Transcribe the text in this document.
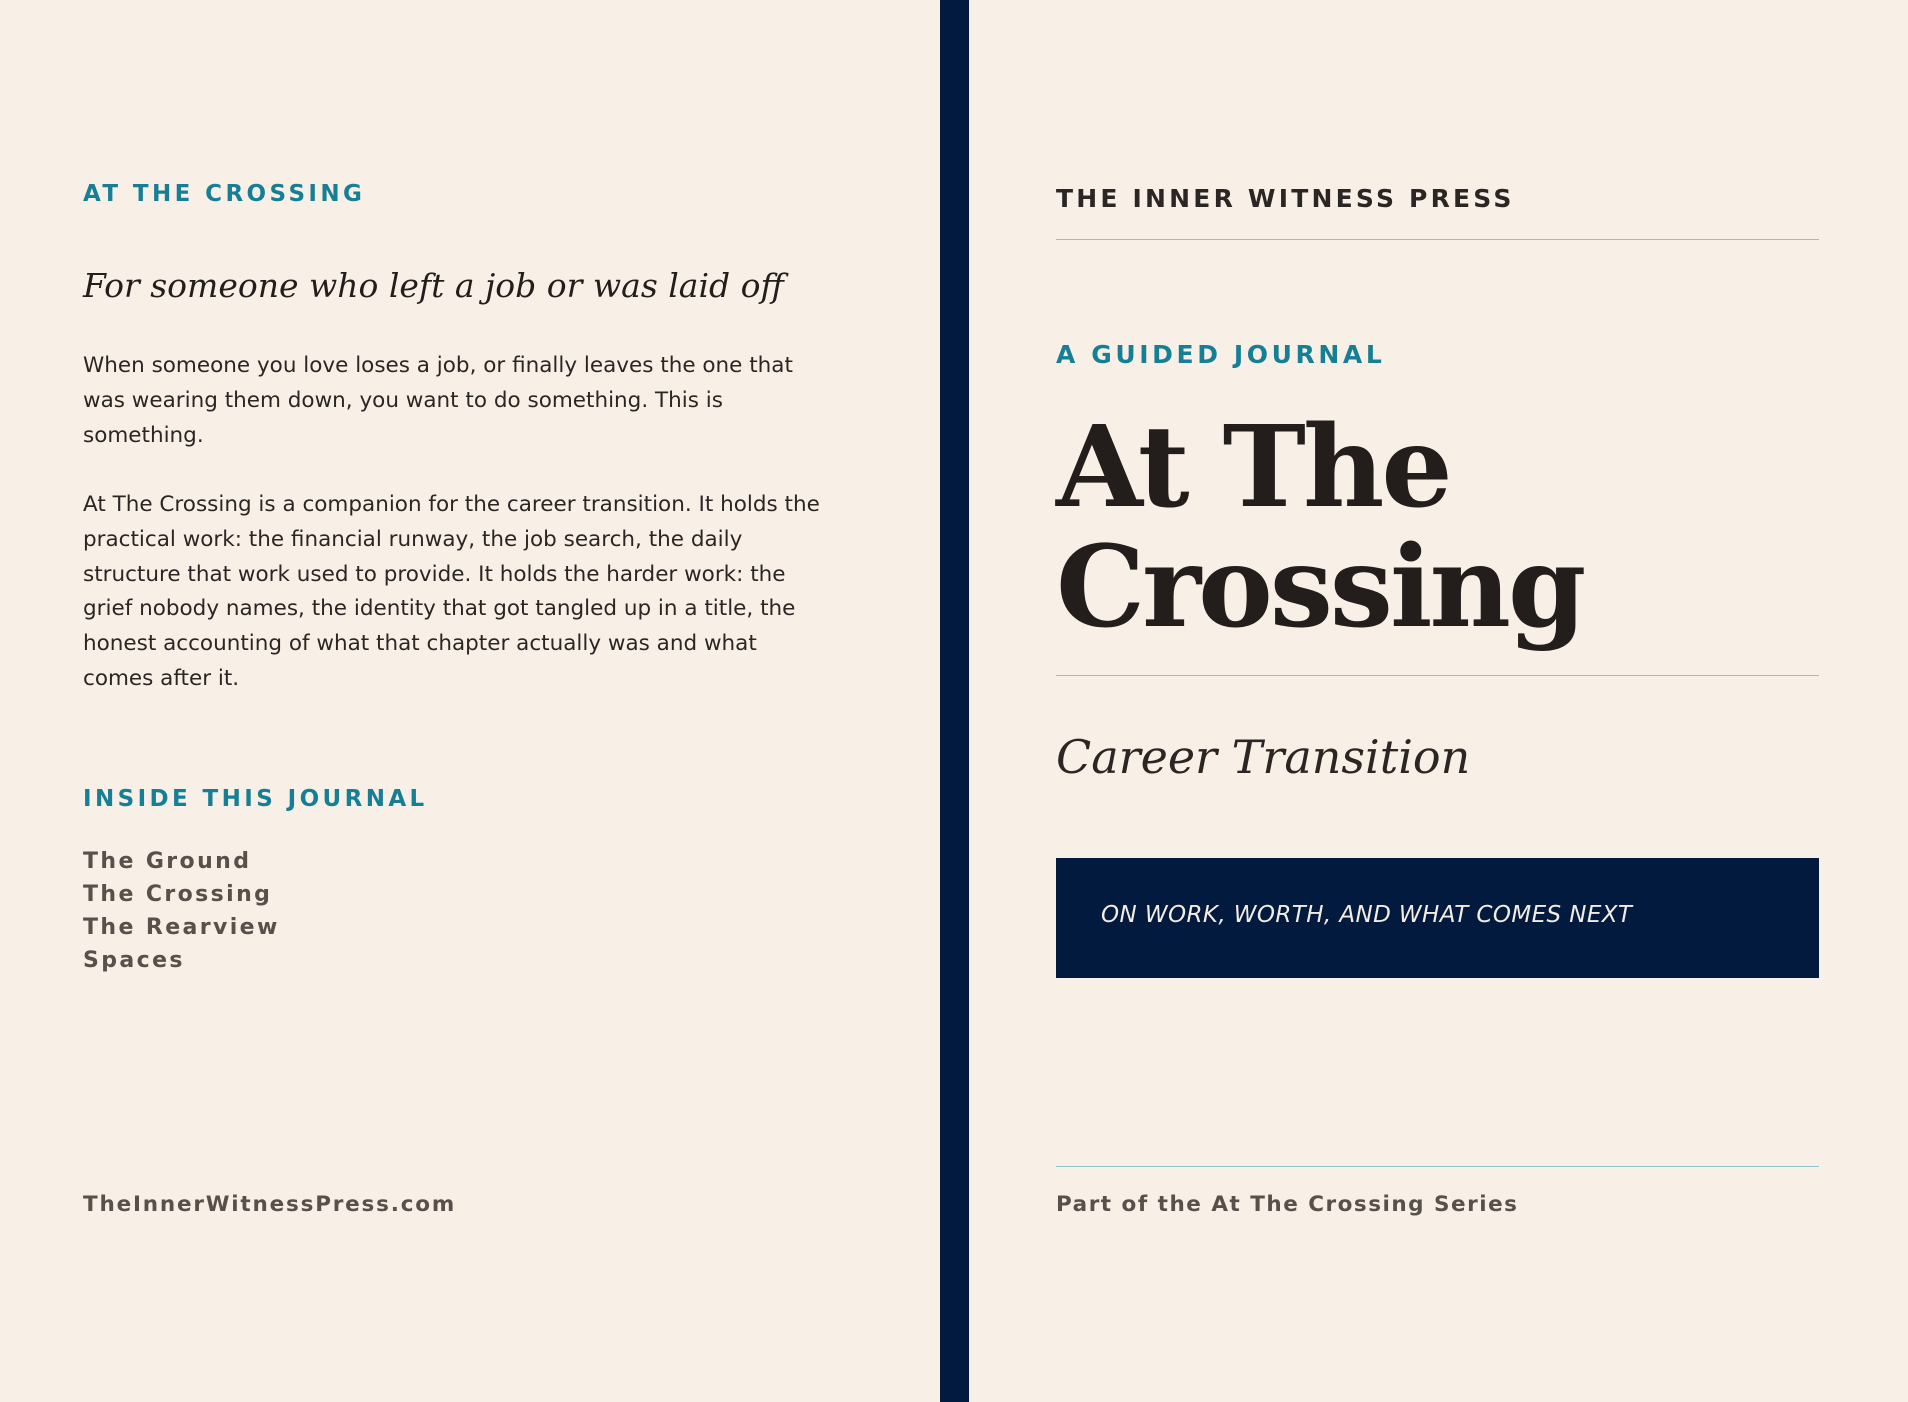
AT THE CROSSING
For someone who left a job or was laid off

When someone you love loses a job, or finally leaves the one that was wearing them down, you want to do something. This is something.

At The Crossing is a companion for the career transition. It holds the practical work: the financial runway, the job search, the daily structure that work used to provide. It holds the harder work: the grief nobody names, the identity that got tangled up in a title, the honest accounting of what that chapter actually was and what comes after it.

INSIDE THIS JOURNAL
The Ground
The Crossing
The Rearview
Spaces
TheInnerWitnessPress.com
THE INNER WITNESS PRESS
A GUIDED JOURNAL
At The
Crossing
Career Transition
ON WORK, WORTH, AND WHAT COMES NEXT
Part of the At The Crossing Series
